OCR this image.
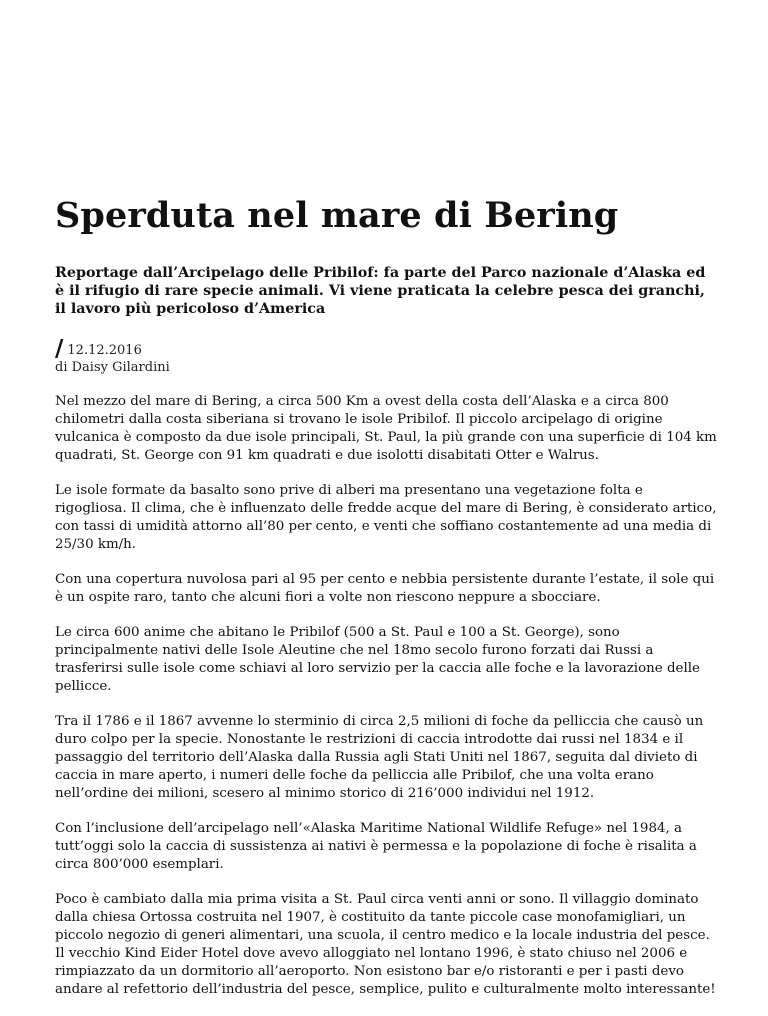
Sperduta nel mare di Bering
Reportage dall’Arcipelago delle Pribilof: fa parte del Parco nazionale d’Alaska ed è il rifugio di rare specie animali. Vi viene praticata la celebre pesca dei granchi, il lavoro più pericoloso d’America
/ 12.12.2016
di Daisy Gilardini

Nel mezzo del mare di Bering, a circa 500 Km a ovest della costa dell’Alaska e a circa 800 chilometri dalla costa siberiana si trovano le isole Pribilof. Il piccolo arcipelago di origine vulcanica è composto da due isole principali, St. Paul, la più grande con una superficie di 104 km quadrati, St. George con 91 km quadrati e due isolotti disabitati Otter e Walrus.

Le isole formate da basalto sono prive di alberi ma presentano una vegetazione folta e rigogliosa. Il clima, che è influenzato delle fredde acque del mare di Bering, è considerato artico, con tassi di umidità attorno all’80 per cento, e venti che soffiano costantemente ad una media di 25/30 km/h.

Con una copertura nuvolosa pari al 95 per cento e nebbia persistente durante l’estate, il sole qui è un ospite raro, tanto che alcuni fiori a volte non riescono neppure a sbocciare.

Le circa 600 anime che abitano le Pribilof (500 a St. Paul e 100 a St. George), sono principalmente nativi delle Isole Aleutine che nel 18mo secolo furono forzati dai Russi a trasferirsi sulle isole come schiavi al loro servizio per la caccia alle foche e la lavorazione delle pellicce.

Tra il 1786 e il 1867 avvenne lo sterminio di circa 2,5 milioni di foche da pelliccia che causò un duro colpo per la specie. Nonostante le restrizioni di caccia introdotte dai russi nel 1834 e il passaggio del territorio dell’Alaska dalla Russia agli Stati Uniti nel 1867, seguita dal divieto di caccia in mare aperto, i numeri delle foche da pelliccia alle Pribilof, che una volta erano nell’ordine dei milioni, scesero al minimo storico di 216’000 individui nel 1912.

Con l’inclusione dell’arcipelago nell’«Alaska Maritime National Wildlife Refuge» nel 1984, a tutt’oggi solo la caccia di sussistenza ai nativi è permessa e la popolazione di foche è risalita a circa 800’000 esemplari.

Poco è cambiato dalla mia prima visita a St. Paul circa venti anni or sono. Il villaggio dominato dalla chiesa Ortossa costruita nel 1907, è costituito da tante piccole case monofamigliari, un piccolo negozio di generi alimentari, una scuola, il centro medico e la locale industria del pesce. Il vecchio Kind Eider Hotel dove avevo alloggiato nel lontano 1996, è stato chiuso nel 2006 e rimpiazzato da un dormitorio all’aeroporto. Non esistono bar e/o ristoranti e per i pasti devo andare al refettorio dell’industria del pesce, semplice, pulito e culturalmente molto interessante!
